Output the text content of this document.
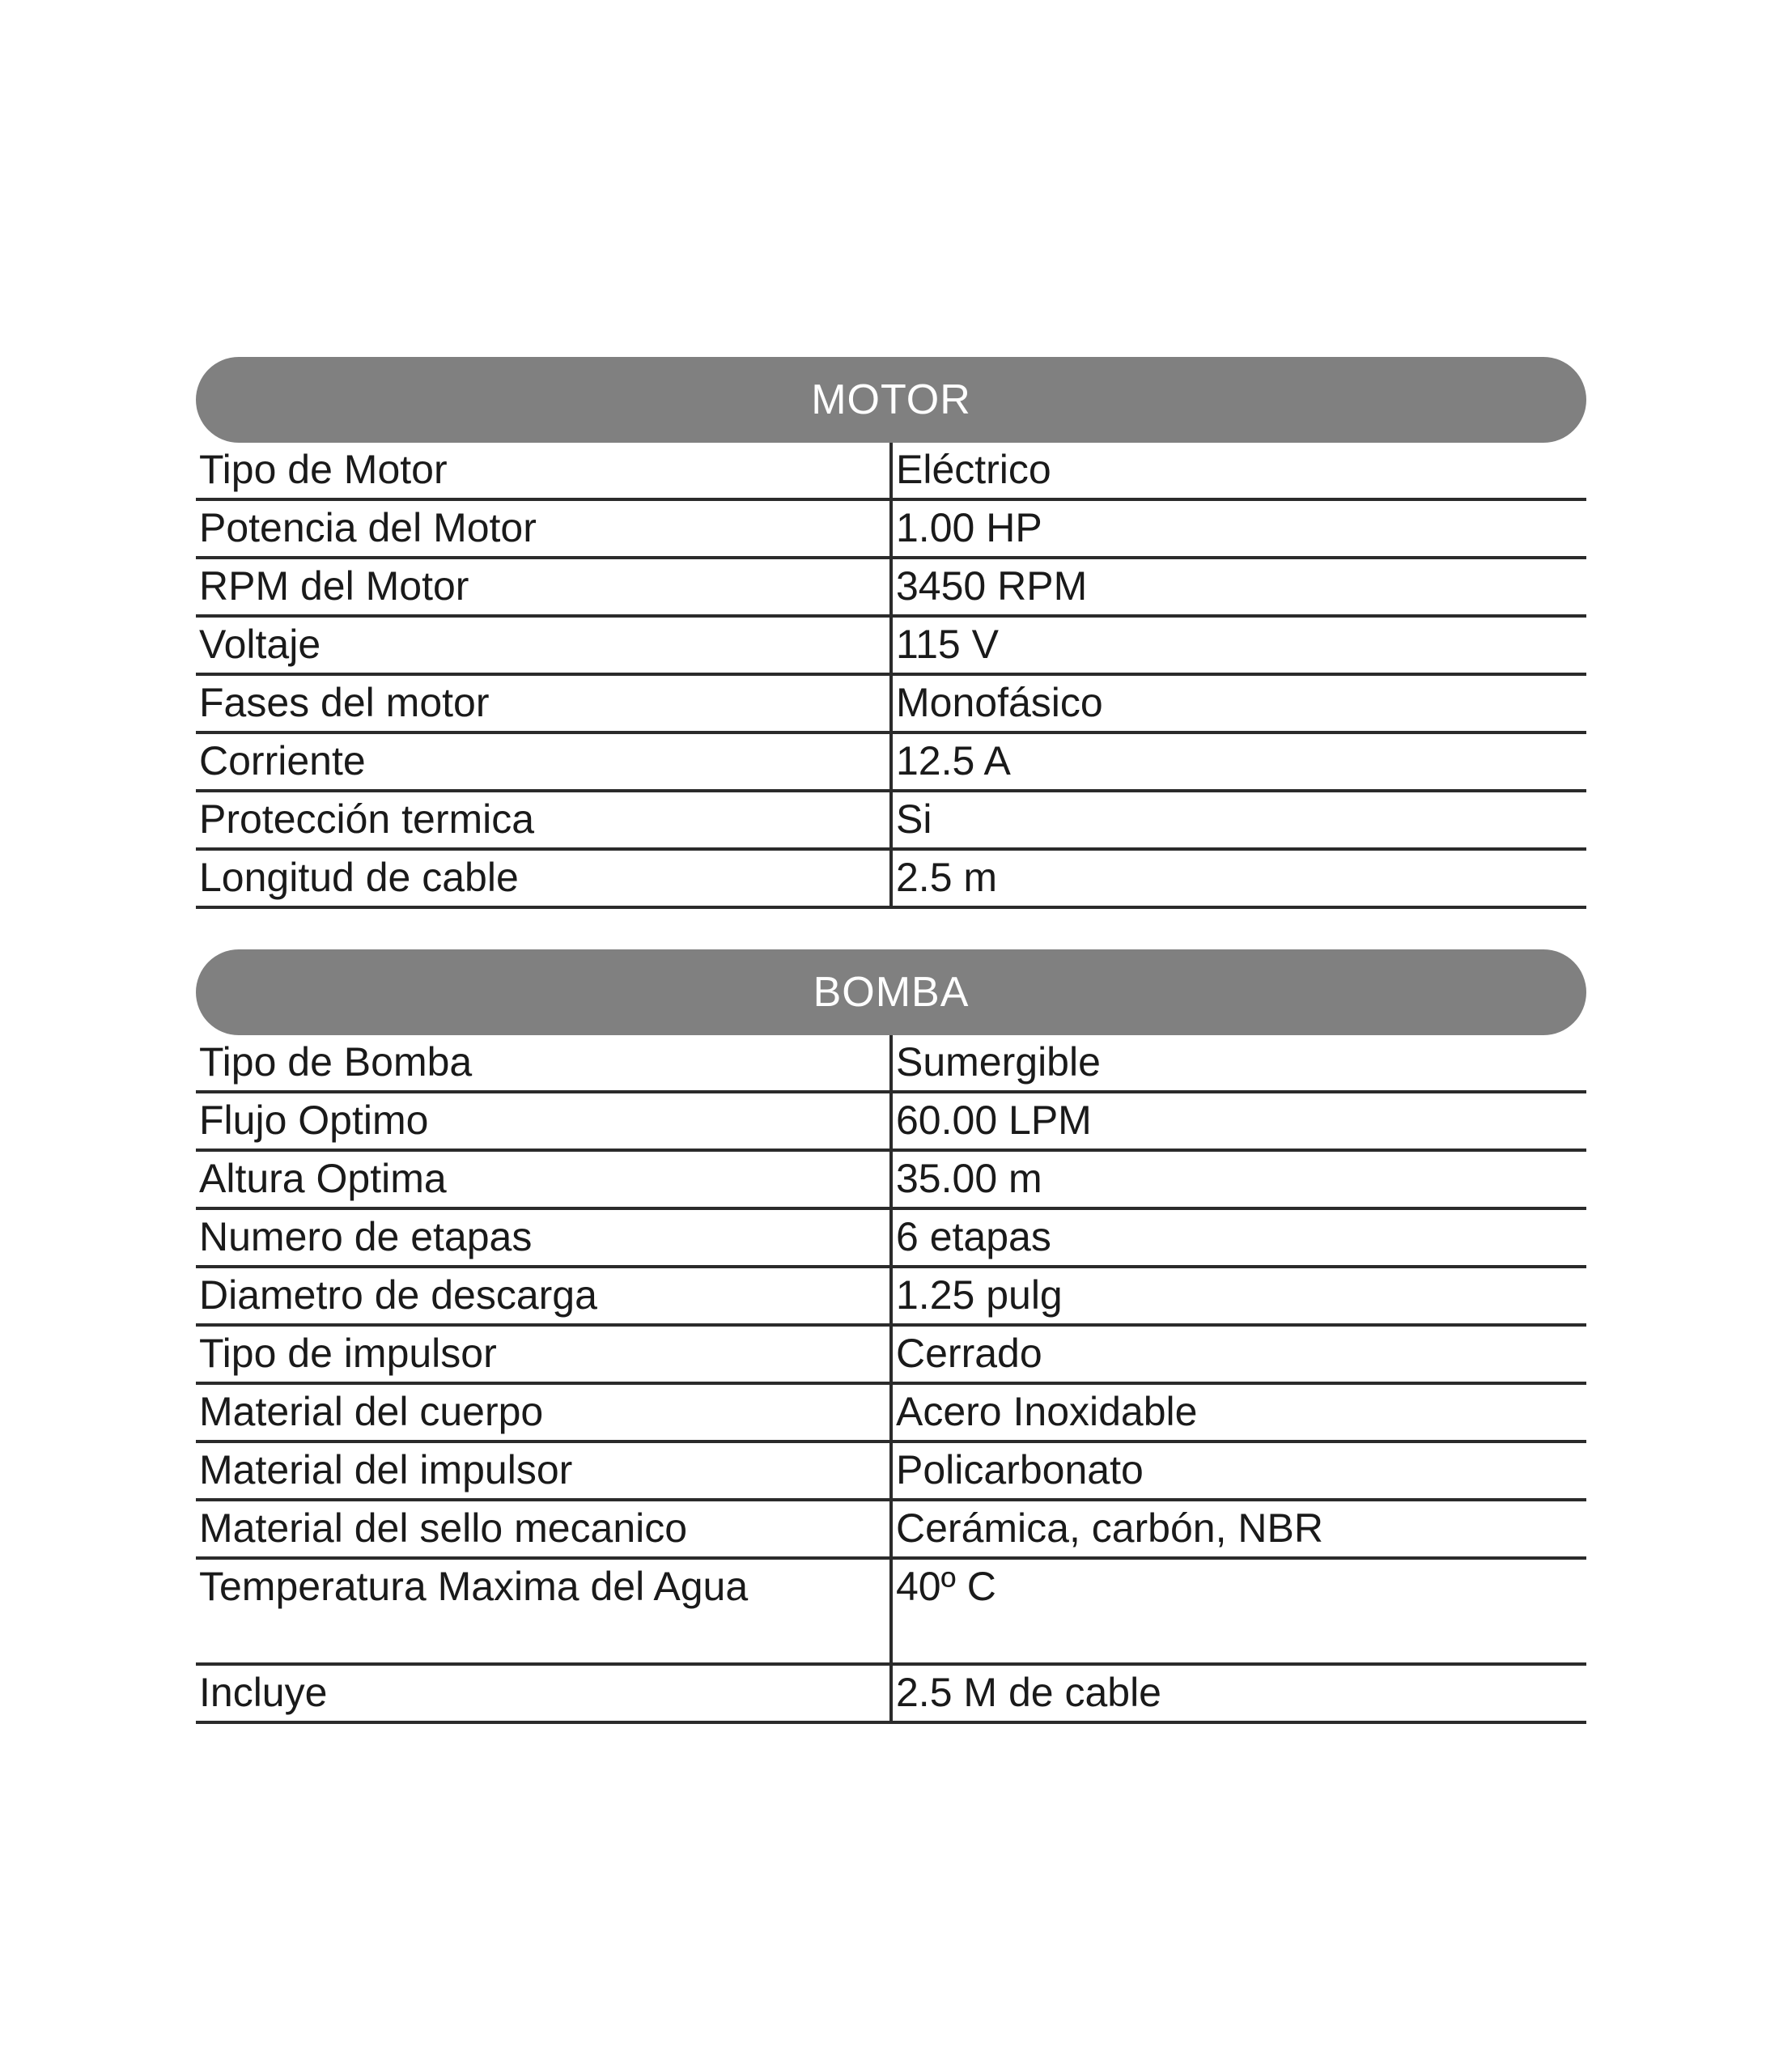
MOTOR
Tipo de Motor	Eléctrico
Potencia del Motor	1.00 HP
RPM del Motor	3450 RPM
Voltaje	115 V
Fases del motor	Monofásico
Corriente	12.5 A
Protección termica	Si
Longitud de cable	2.5 m
BOMBA
Tipo de Bomba	Sumergible
Flujo Optimo	60.00 LPM
Altura Optima	35.00 m
Numero de etapas	6 etapas
Diametro de descarga	1.25 pulg
Tipo de impulsor	Cerrado
Material del cuerpo	Acero Inoxidable
Material del impulsor	Policarbonato
Material del sello mecanico	Cerámica, carbón, NBR
Temperatura Maxima del Agua	40º C
Incluye	2.5 M de cable
